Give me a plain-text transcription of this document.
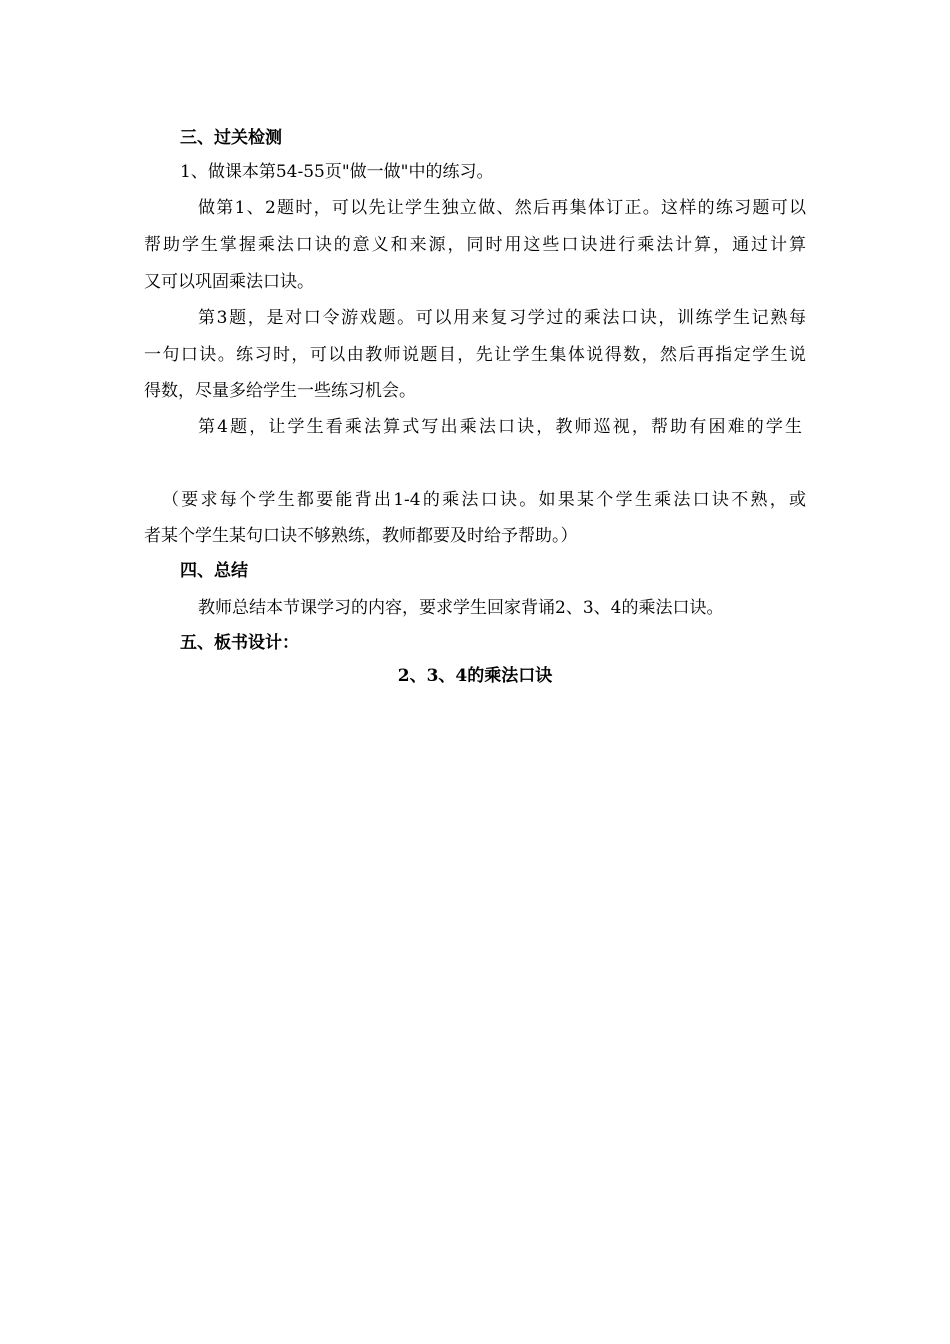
三、过关检测
1、做课本第54-55页"做一做"中的练习。
做第1、2题时，可以先让学生独立做、然后再集体订正。这样的练习题可以
帮助学生掌握乘法口诀的意义和来源，同时用这些口诀进行乘法计算，通过计算
又可以巩固乘法口诀。
第3题，是对口令游戏题。可以用来复习学过的乘法口诀，训练学生记熟每
一句口诀。练习时，可以由教师说题目，先让学生集体说得数，然后再指定学生说
得数，尽量多给学生一些练习机会。
第4题，让学生看乘法算式写出乘法口诀，教师巡视，帮助有困难的学生
（要求每个学生都要能背出1-4的乘法口诀。如果某个学生乘法口诀不熟，或
者某个学生某句口诀不够熟练，教师都要及时给予帮助。）
四、总结
教师总结本节课学习的内容，要求学生回家背诵2、3、4的乘法口诀。
五、板书设计：
2、3、4的乘法口诀
